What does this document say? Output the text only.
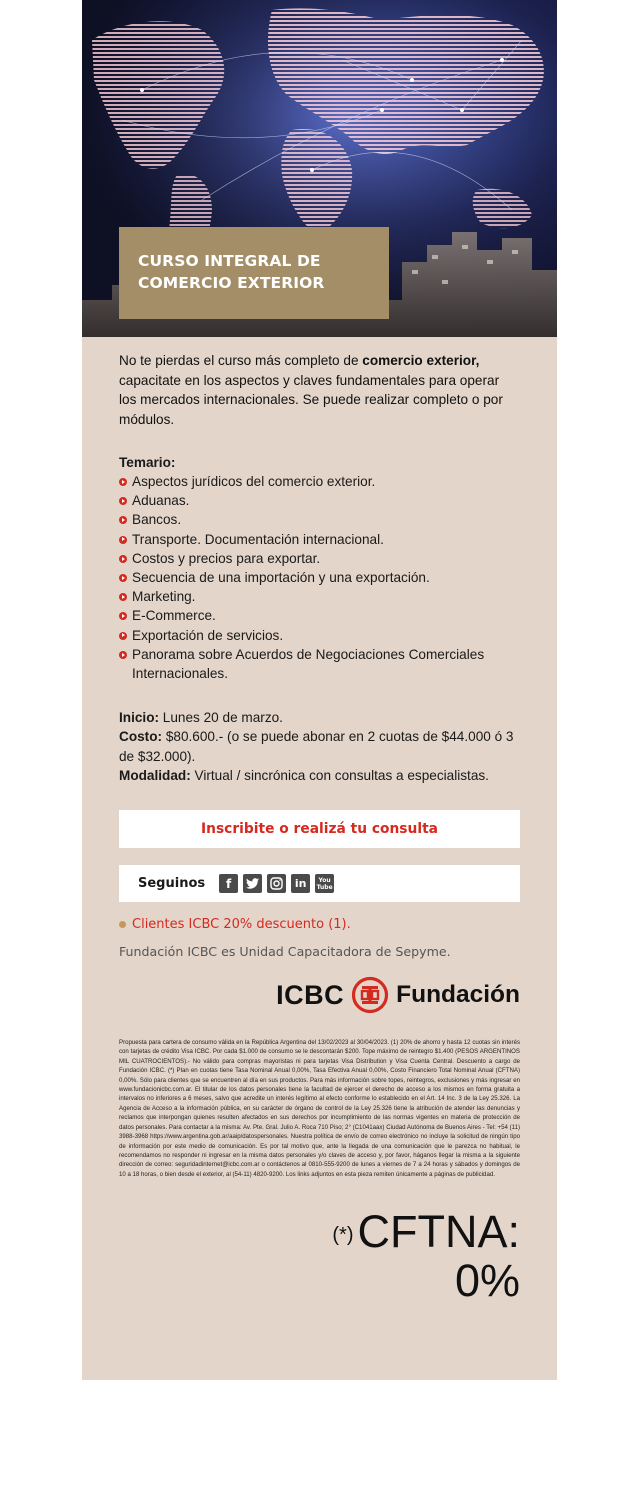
CURSO INTEGRAL DE
COMERCIO EXTERIOR

No te pierdas el curso más completo de comercio exterior, capacitate en los aspectos y claves fundamentales para operar los mercados internacionales. Se puede realizar completo o por módulos.

Temario:
Aspectos jurídicos del comercio exterior.
Aduanas.
Bancos.
Transporte. Documentación internacional.
Costos y precios para exportar.
Secuencia de una importación y una exportación.
Marketing.
E-Commerce.
Exportación de servicios.
Panorama sobre Acuerdos de Negociaciones Comerciales Internacionales.
Inicio: Lunes 20 de marzo.
Costo: $80.600.- (o se puede abonar en 2 cuotas de $44.000 ó 3 de $32.000).
Modalidad: Virtual / sincrónica con consultas a especialistas.
Inscribite o realizá tu consulta
Seguinos	f	in	You
Tube
Clientes ICBC 20% descuento (1).
Fundación ICBC es Unidad Capacitadora de Sepyme.
ICBC Fundación

Propuesta para cartera de consumo válida en la República Argentina del 13/02/2023 al 30/04/2023. (1) 20% de ahorro y hasta 12 cuotas sin interés con tarjetas de crédito Visa ICBC. Por cada $1.000 de consumo se le descontarán $200. Tope máximo de reintegro $1.400 (PESOS ARGENTINOS MIL CUATROCIENTOS).- No válido para compras mayoristas ni para tarjetas Visa Distribution y Visa Cuenta Central. Descuento a cargo de Fundación ICBC. (*) Plan en cuotas tiene Tasa Nominal Anual 0,00%, Tasa Efectiva Anual 0,00%, Costo Financiero Total Nominal Anual (CFTNA) 0,00%. Sólo para clientes que se encuentren al día en sus productos. Para más información sobre topes, reintegros, exclusiones y más ingresar en www.fundacionicbc.com.ar. El titular de los datos personales tiene la facultad de ejercer el derecho de acceso a los mismos en forma gratuita a intervalos no inferiores a 6 meses, salvo que acredite un interés legítimo al efecto conforme lo establecido en el Art. 14 Inc. 3 de la Ley 25.326. La Agencia de Acceso a la información pública, en su carácter de órgano de control de la Ley 25.326 tiene la atribución de atender las denuncias y reclamos que interpongan quienes resulten afectados en sus derechos por incumplimiento de las normas vigentes en materia de protección de datos personales. Para contactar a la misma: Av. Pte. Gral. Julio A. Roca 710 Piso; 2° (C1041aax) Ciudad Autónoma de Buenos Aires - Tel: +54 (11) 3988-3968 https://www.argentina.gob.ar/aaip/datospersonales. Nuestra política de envío de correo electrónico no incluye la solicitud de ningún tipo de información por este medio de comunicación. Es por tal motivo que, ante la llegada de una comunicación que le parezca no habitual, le recomendamos no responder ni ingresar en la misma datos personales y/o claves de acceso y, por favor, háganos llegar la misma a la siguiente dirección de correo: seguridadinternet@icbc.com.ar o contáctenos al 0810-555-9200 de lunes a viernes de 7 a 24 horas y sábados y domingos de 10 a 18 horas, o bien desde el exterior, al (54-11) 4820-9200. Los links adjuntos en esta pieza remiten únicamente a páginas de publicidad.

(*)CFTNA:
0%
